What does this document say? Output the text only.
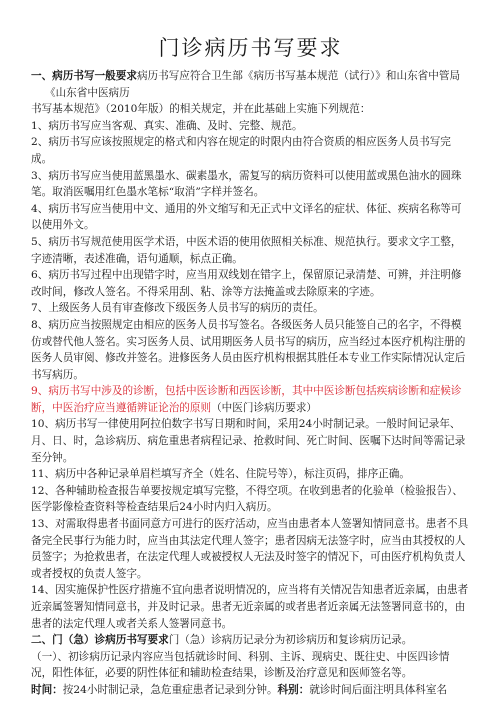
门诊病历书写要求

一、病历书写一般要求病历书写应符合卫生部《病历书写基本规范（试行）》和山东省中管局

《山东省中医病历

书写基本规范》（2010年版）的相关规定，并在此基础上实施下列规范：

1、病历书写应当客观、真实、准确、及时、完整、规范。

2、病历书写应该按照规定的格式和内容在规定的时限内由符合资质的相应医务人员书写完成。

3、病历书写应当使用蓝黑墨水、碳素墨水，需复写的病历资料可以使用蓝或黑色油水的圆珠笔。取消医嘱用红色墨水笔标“取消”字样并签名。

4、病历书写应当使用中文、通用的外文缩写和无正式中文译名的症状、体征、疾病名称等可以使用外文。

5、病历书写规范使用医学术语，中医术语的使用依照相关标准、规范执行。要求文字工整，字迹清晰，表述准确，语句通顺，标点正确。

6、病历书写过程中出现错字时，应当用双线划在错字上，保留原记录清楚、可辨，并注明修改时间，修改人签名。不得采用刮、粘、涂等方法掩盖或去除原来的字迹。

7、上级医务人员有审查修改下级医务人员书写的病历的责任。

8、病历应当按照规定由相应的医务人员书写签名。各级医务人员只能签自己的名字，不得模仿或替代他人签名。实习医务人员、试用期医务人员书写的病历，应当经过本医疗机构注册的医务人员审阅、修改并签名。进修医务人员由医疗机构根据其胜任本专业工作实际情况认定后书写病历。

9、病历书写中涉及的诊断，包括中医诊断和西医诊断，其中中医诊断包括疾病诊断和症候诊断，中医治疗应当遵循辨证论治的原则（中医门诊病历要求）

10、病历书写一律使用阿拉伯数字书写日期和时间，采用24小时制记录。一般时间记录年、月、日、时，急诊病历、病危重患者病程记录、抢救时间、死亡时间、医嘱下达时间等需记录至分钟。

11、病历中各种记录单眉栏填写齐全（姓名、住院号等），标注页码，排序正确。

12、各种辅助检查报告单要按规定填写完整，不得空项。在收到患者的化验单（检验报告）、医学影像检查资料等检查结果后24小时内归入病历。

13、对需取得患者书面同意方可进行的医疗活动，应当由患者本人签署知情同意书。患者不具备完全民事行为能力时，应当由其法定代理人签字；患者因病无法签字时，应当由其授权的人员签字；为抢救患者，在法定代理人或被授权人无法及时签字的情况下，可由医疗机构负责人或者授权的负责人签字。

14、因实施保护性医疗措施不宜向患者说明情况的，应当将有关情况告知患者近亲属，由患者近亲属签署知情同意书，并及时记录。患者无近亲属的或者患者近亲属无法签署同意书的，由患者的法定代理人或者关系人签署同意书。

二、门（急）诊病历书写要求门（急）诊病历记录分为初诊病历和复诊病历记录。

（一）、初诊病历记录内容应当包括就诊时间、科别、主诉、现病史、既往史、中医四诊情况，阳性体征，必要的阴性体征和辅助检查结果，诊断及治疗意见和医师签名等。

时间：按24小时制记录，急危重症患者记录到分钟。科别：就诊时间后面注明具体科室名
